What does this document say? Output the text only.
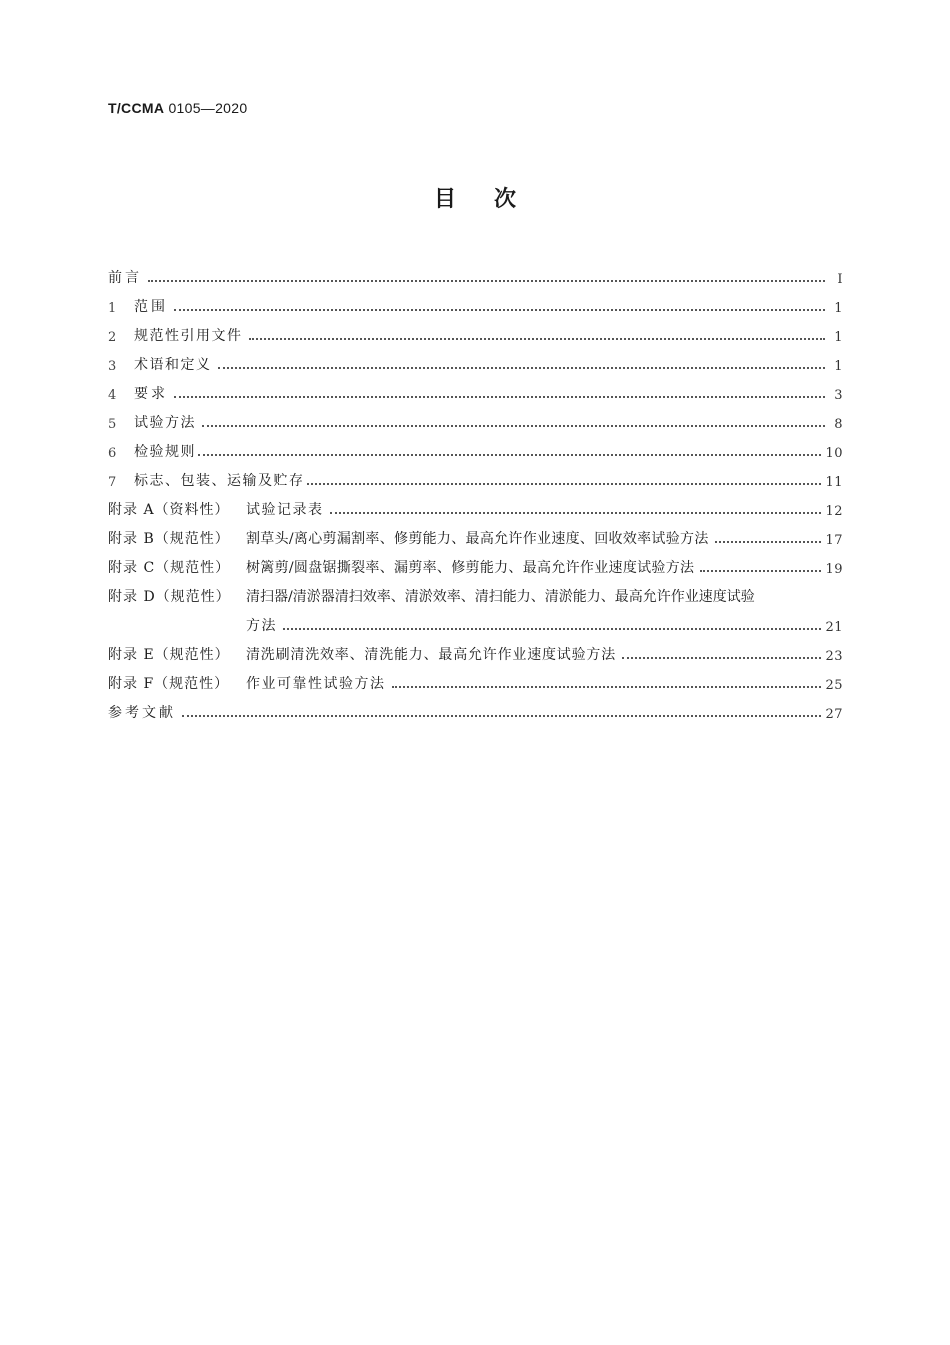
T/CCMA 0105—2020
目次
前言	Ⅰ
1	范围	1
2	规范性引用文件	1
3	术语和定义	1
4	要求	3
5	试验方法	8
6	检验规则	10
7	标志、包装、运输及贮存	11
附录 A（资料性）	试验记录表	12
附录 B（规范性）	割草头/离心剪漏割率、修剪能力、最高允许作业速度、回收效率试验方法	17
附录 C（规范性）	树篱剪/圆盘锯撕裂率、漏剪率、修剪能力、最高允许作业速度试验方法	19
附录 D（规范性）	清扫器/清淤器清扫效率、清淤效率、清扫能力、清淤能力、最高允许作业速度试验
方法	21
附录 E（规范性）	清洗刷清洗效率、清洗能力、最高允许作业速度试验方法	23
附录 F（规范性）	作业可靠性试验方法	25
参考文献	27
